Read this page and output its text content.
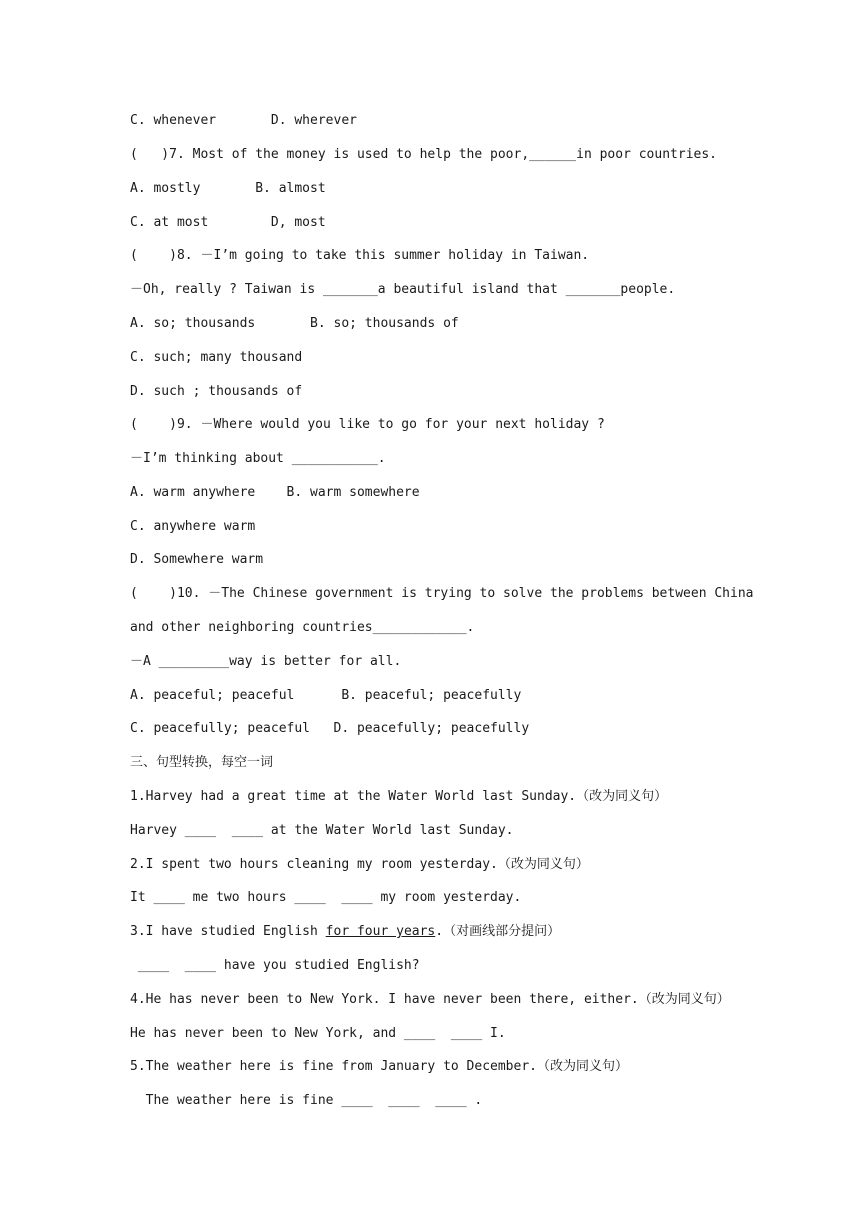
C. whenever       D. wherever
(   )7. Most of the money is used to help the poor,______in poor countries.
A. mostly       B. almost
C. at most        D, most
(    )8. －I’m going to take this summer holiday in Taiwan.
－Oh, really ? Taiwan is _______a beautiful island that _______people.
A. so; thousands       B. so; thousands of
C. such; many thousand
D. such ; thousands of
(    )9. －Where would you like to go for your next holiday ?
－I’m thinking about ___________.
A. warm anywhere    B. warm somewhere
C. anywhere warm
D. Somewhere warm
(    )10. －The Chinese government is trying to solve the problems between China
and other neighboring countries____________.
－A _________way is better for all.
A. peaceful; peaceful      B. peaceful; peacefully
C. peacefully; peaceful   D. peacefully; peacefully
三、句型转换，每空一词
1.Harvey had a great time at the Water World last Sunday.（改为同义句）
Harvey ____  ____ at the Water World last Sunday.
2.I spent two hours cleaning my room yesterday.（改为同义句）
It ____ me two hours ____  ____ my room yesterday.
3.I have studied English for four years.（对画线部分提问）
____  ____ have you studied English?
4.He has never been to New York. I have never been there, either.（改为同义句）
He has never been to New York, and ____  ____ I.
5.The weather here is fine from January to December.（改为同义句）
The weather here is fine ____  ____  ____ .
